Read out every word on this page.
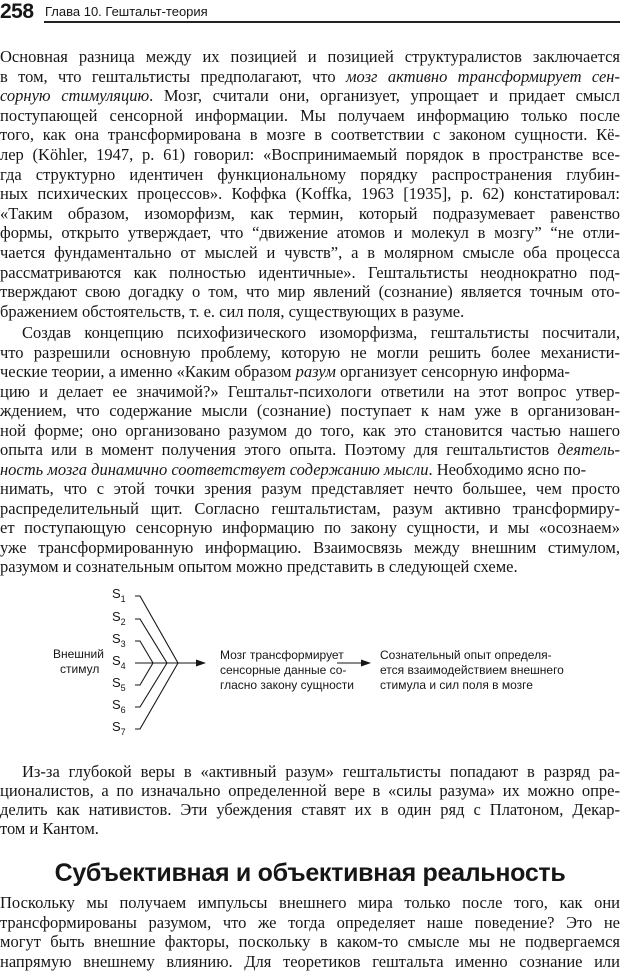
258 Глава 10. Гештальт-теория
Основная разница между их позицией и позицией структуралистов заключается
в том, что гештальтисты предполагают, что мозг активно трансформирует сен-
сорную стимуляцию. Мозг, считали они, организует, упрощает и придает смысл
поступающей сенсорной информации. Мы получаем информацию только после
того, как она трансформирована в мозге в соответствии с законом сущности. Кё-
лер (Köhler, 1947, p. 61) говорил: «Воспринимаемый порядок в пространстве все-
гда структурно идентичен функциональному порядку распространения глубин-
ных психических процессов». Коффка (Koffka, 1963 [1935], p. 62) констатировал:
«Таким образом, изоморфизм, как термин, который подразумевает равенство
формы, открыто утверждает, что “движение атомов и молекул в мозгу” “не отли-
чается фундаментально от мыслей и чувств”, а в молярном смысле оба процесса
рассматриваются как полностью идентичные». Гештальтисты неоднократно под-
тверждают свою догадку о том, что мир явлений (сознание) является точным ото-
бражением обстоятельств, т. е. сил поля, существующих в разуме.
Создав концепцию психофизического изоморфизма, гештальтисты посчитали,
что разрешили основную проблему, которую не могли решить более механисти-
ческие теории, а именно «Каким образом разум организует сенсорную информа-
цию и делает ее значимой?» Гештальт-психологи ответили на этот вопрос утвер-
ждением, что содержание мысли (сознание) поступает к нам уже в организован-
ной форме; оно организовано разумом до того, как это становится частью нашего
опыта или в момент получения этого опыта. Поэтому для гештальтистов деятель-
ность мозга динамично соответствует содержанию мысли. Необходимо ясно по-
нимать, что с этой точки зрения разум представляет нечто большее, чем просто
распределительный щит. Согласно гештальтистам, разум активно трансформиру-
ет поступающую сенсорную информацию по закону сущности, и мы «осознаем»
уже трансформированную информацию. Взаимосвязь между внешним стимулом,
разумом и сознательным опытом можно представить в следующей схеме.
Внешний
стимул
$S_1$
$S_2$
$S_3$
$S_4$
$S_5$
$S_6$
$S_7$
Мозг трансформирует
сенсорные данные со-
гласно закону сущности
Сознательный опыт определя-
ется взаимодействием внешнего
стимула и сил поля в мозге
Из-за глубокой веры в «активный разум» гештальтисты попадают в разряд ра-
ционалистов, а по изначально определенной вере в «силы разума» их можно опре-
делить как нативистов. Эти убеждения ставят их в один ряд с Платоном, Декар-
том и Кантом.
Субъективная и объективная реальность
Поскольку мы получаем импульсы внешнего мира только после того, как они
трансформированы разумом, что же тогда определяет наше поведение? Это не
могут быть внешние факторы, поскольку в каком-то смысле мы не подвергаемся
напрямую внешнему влиянию. Для теоретиков гештальта именно сознание или
